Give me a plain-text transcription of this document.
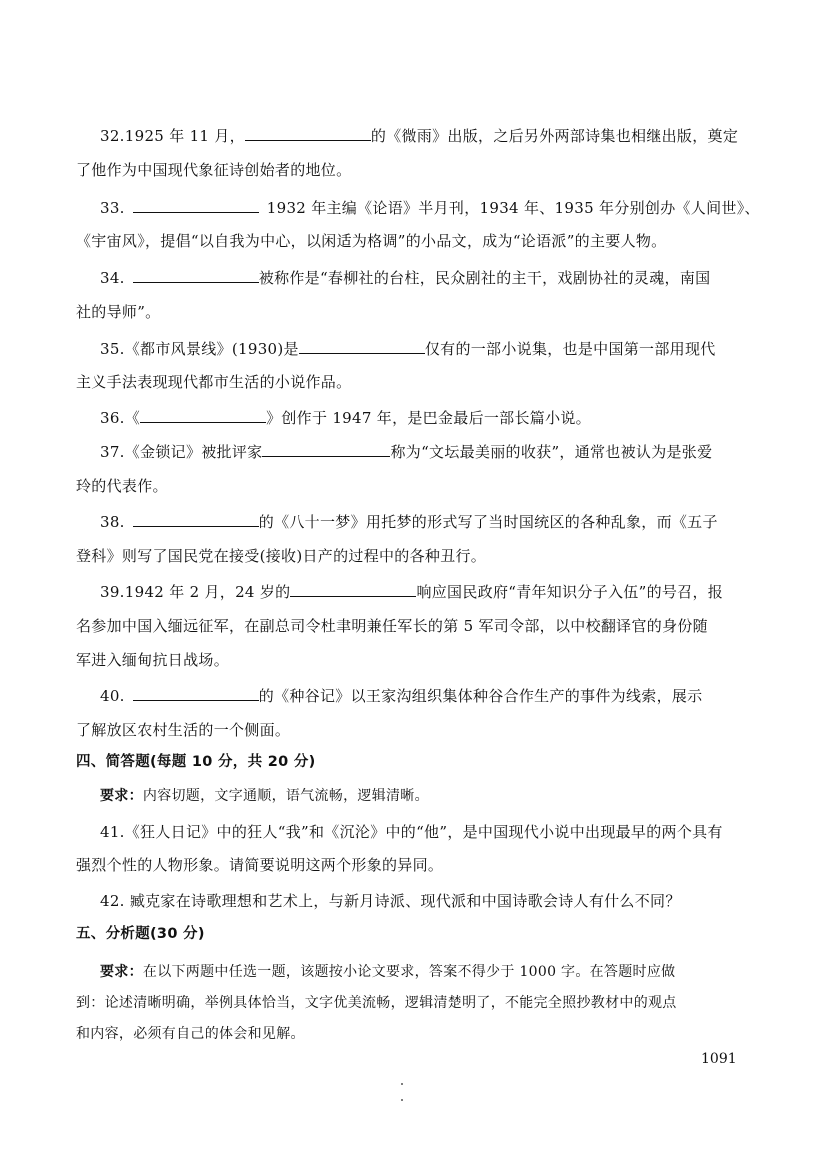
32.1925 年 11 月，	的《微雨》出版，之后另外两部诗集也相继出版，奠定
了他作为中国现代象征诗创始者的地位。
33.	1932 年主编《论语》半月刊，1934 年、1935 年分别创办《人间世》、
《宇宙风》，提倡“以自我为中心，以闲适为格调”的小品文，成为“论语派”的主要人物。
34.	被称作是“春柳社的台柱，民众剧社的主干，戏剧协社的灵魂，南国
社的导师”。
35.《都市风景线》(1930)是	仅有的一部小说集，也是中国第一部用现代
主义手法表现现代都市生活的小说作品。
36.《	》创作于 1947 年，是巴金最后一部长篇小说。
37.《金锁记》被批评家	称为“文坛最美丽的收获”，通常也被认为是张爱
玲的代表作。
38.	的《八十一梦》用托梦的形式写了当时国统区的各种乱象，而《五子
登科》则写了国民党在接受(接收)日产的过程中的各种丑行。
39.1942 年 2 月，24 岁的	响应国民政府“青年知识分子入伍”的号召，报
名参加中国入缅远征军，在副总司令杜聿明兼任军长的第 5 军司令部，以中校翻译官的身份随
军进入缅甸抗日战场。
40.	的《种谷记》以王家沟组织集体种谷合作生产的事件为线索，展示
了解放区农村生活的一个侧面。
四、简答题(每题 10 分，共 20 分)
要求：内容切题，文字通顺，语气流畅，逻辑清晰。
41.《狂人日记》中的狂人“我”和《沉沦》中的“他”，是中国现代小说中出现最早的两个具有
强烈个性的人物形象。请简要说明这两个形象的异同。
42. 臧克家在诗歌理想和艺术上，与新月诗派、现代派和中国诗歌会诗人有什么不同？
五、分析题(30 分)
要求：在以下两题中任选一题，该题按小论文要求，答案不得少于 1000 字。在答题时应做
到：论述清晰明确，举例具体恰当，文字优美流畅，逻辑清楚明了，不能完全照抄教材中的观点
和内容，必须有自己的体会和见解。
1091
